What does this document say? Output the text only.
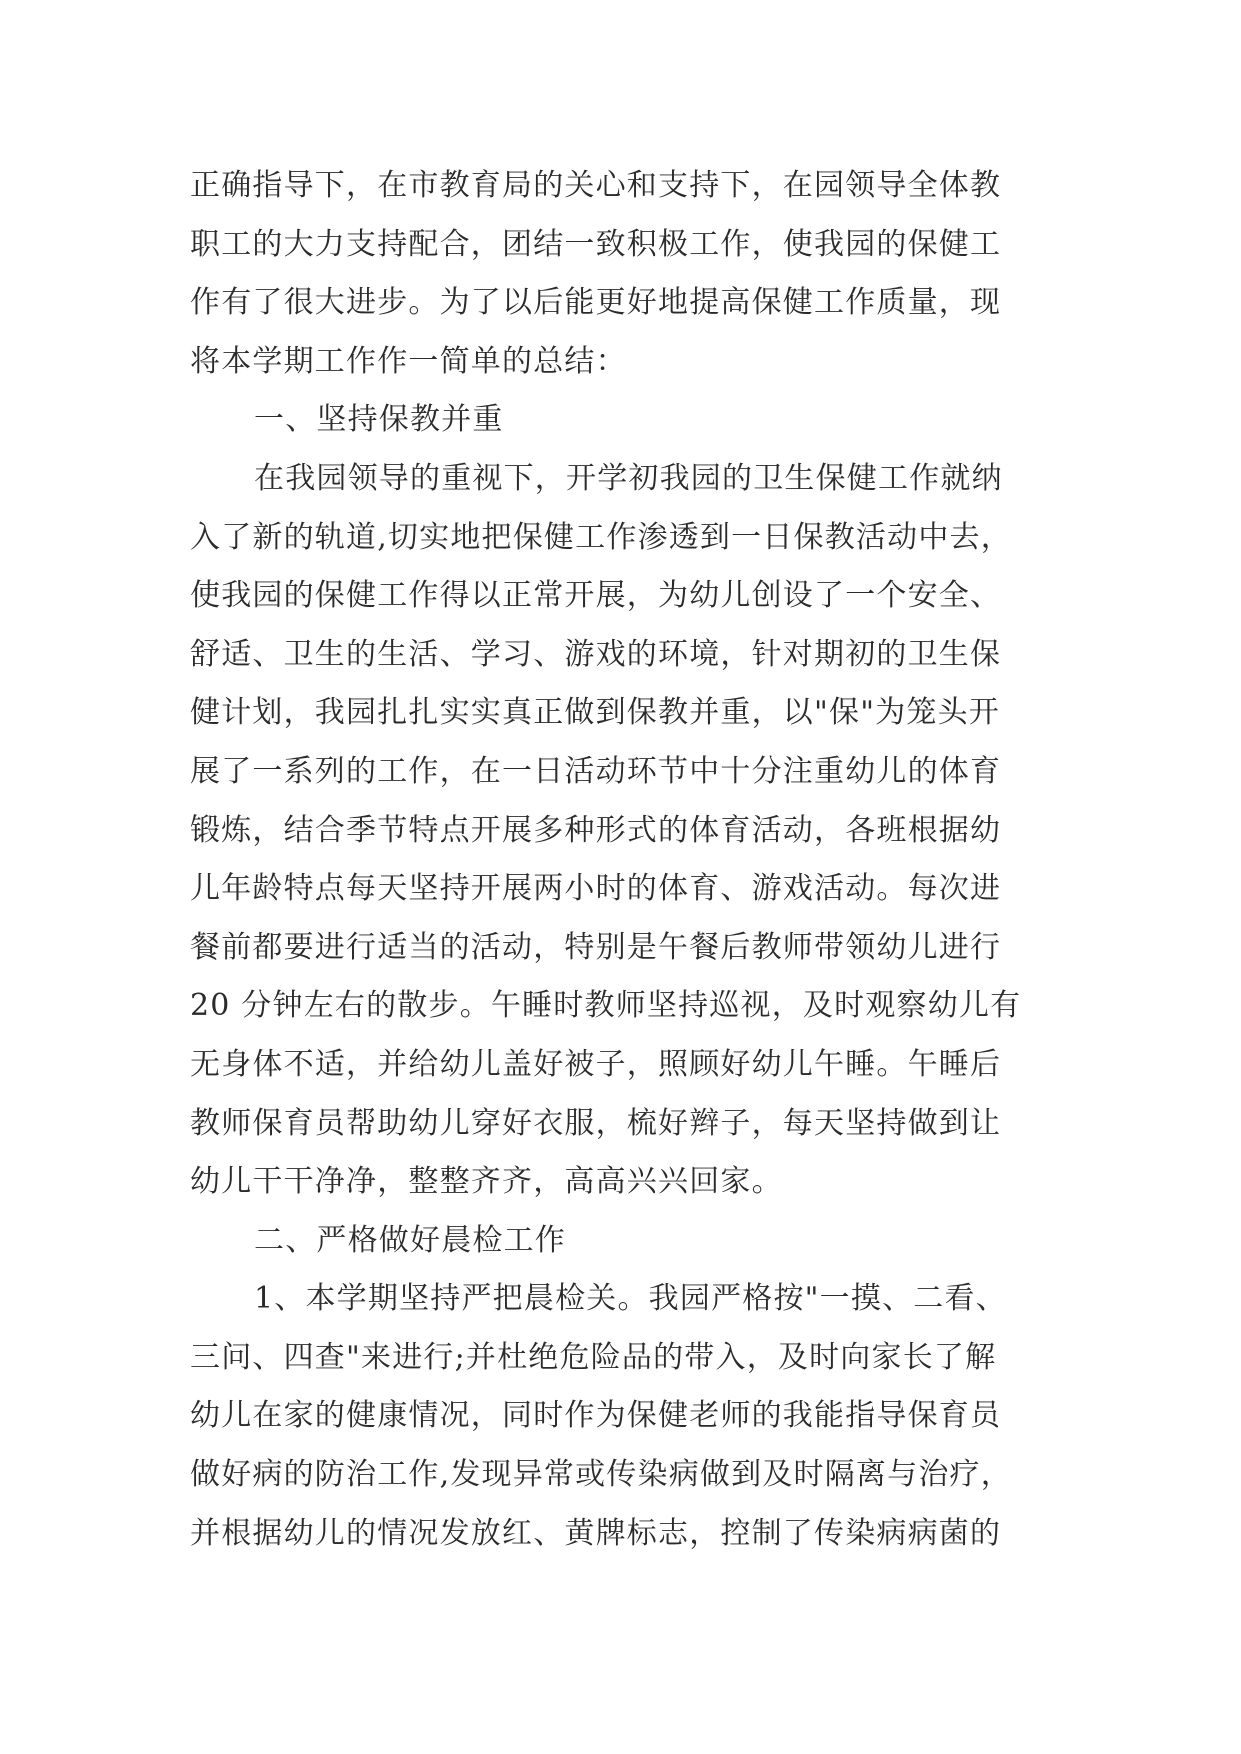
正确指导下，在市教育局的关心和支持下，在园领导全体教
职工的大力支持配合，团结一致积极工作，使我园的保健工
作有了很大进步。为了以后能更好地提高保健工作质量，现
将本学期工作作一简单的总结：
一、坚持保教并重
在我园领导的重视下，开学初我园的卫生保健工作就纳
入了新的轨道,切实地把保健工作渗透到一日保教活动中去，
使我园的保健工作得以正常开展，为幼儿创设了一个安全、
舒适、卫生的生活、学习、游戏的环境，针对期初的卫生保
健计划，我园扎扎实实真正做到保教并重，以"保"为笼头开
展了一系列的工作，在一日活动环节中十分注重幼儿的体育
锻炼，结合季节特点开展多种形式的体育活动，各班根据幼
儿年龄特点每天坚持开展两小时的体育、游戏活动。每次进
餐前都要进行适当的活动，特别是午餐后教师带领幼儿进行
20 分钟左右的散步。午睡时教师坚持巡视，及时观察幼儿有
无身体不适，并给幼儿盖好被子，照顾好幼儿午睡。午睡后
教师保育员帮助幼儿穿好衣服，梳好辫子，每天坚持做到让
幼儿干干净净，整整齐齐，高高兴兴回家。
二、严格做好晨检工作
1、本学期坚持严把晨检关。我园严格按"一摸、二看、
三问、四查"来进行;并杜绝危险品的带入，及时向家长了解
幼儿在家的健康情况，同时作为保健老师的我能指导保育员
做好病的防治工作,发现异常或传染病做到及时隔离与治疗，
并根据幼儿的情况发放红、黄牌标志，控制了传染病病菌的
